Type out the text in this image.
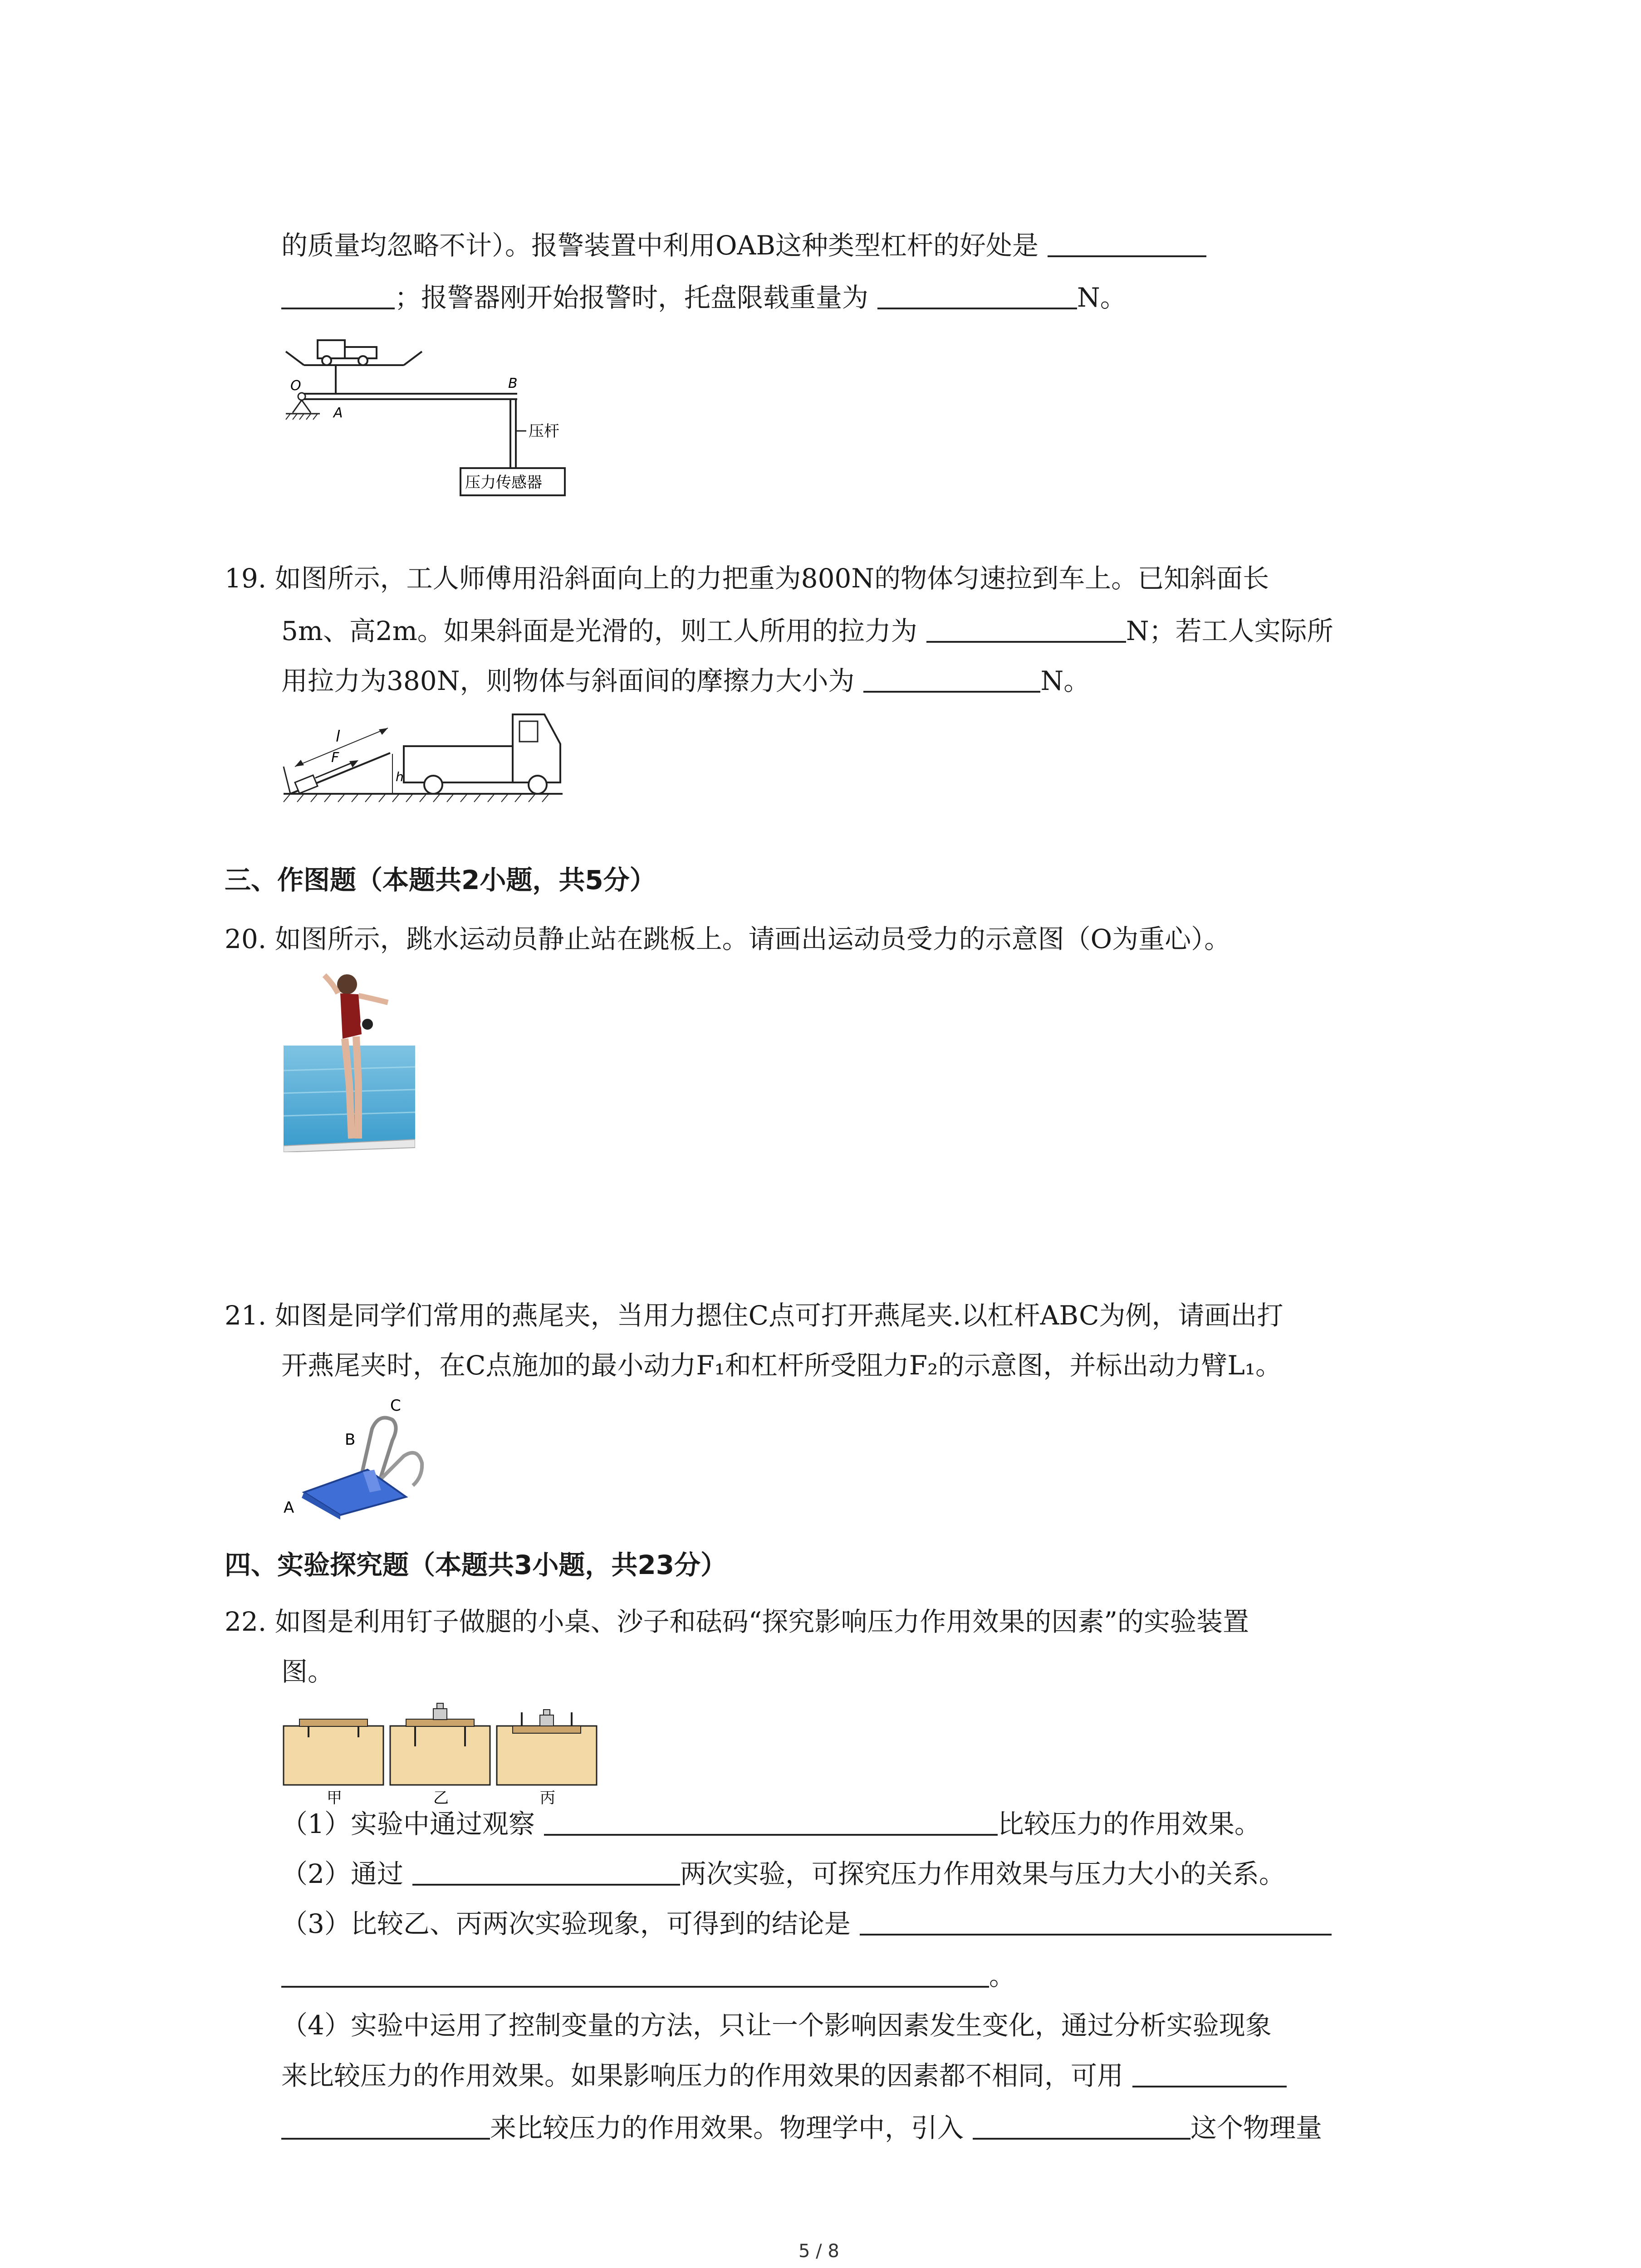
的质量均忽略不计）。报警装置中利用OAB这种类型杠杆的好处是
；报警器刚开始报警时，托盘限载重量为	N。
O
A
B
压杆
压力传感器
19. 如图所示，工人师傅用沿斜面向上的力把重为800N的物体匀速拉到车上。已知斜面长
5m、高2m。如果斜面是光滑的，则工人所用的拉力为	N；若工人实际所
用拉力为380N，则物体与斜面间的摩擦力大小为	N。
l
F
h
三、作图题（本题共2小题，共5分）
20. 如图所示，跳水运动员静止站在跳板上。请画出运动员受力的示意图（O为重心）。
21. 如图是同学们常用的燕尾夹，当用力摁住C点可打开燕尾夹.以杠杆ABC为例，请画出打
开燕尾夹时，在C点施加的最小动力F₁和杠杆所受阻力F₂的示意图，并标出动力臂L₁。
C
B
A
四、实验探究题（本题共3小题，共23分）
22. 如图是利用钉子做腿的小桌、沙子和砝码“探究影响压力作用效果的因素”的实验装置
图。
甲	乙	丙
（1）实验中通过观察	比较压力的作用效果。
（2）通过	两次实验，可探究压力作用效果与压力大小的关系。
（3）比较乙、丙两次实验现象，可得到的结论是
。
（4）实验中运用了控制变量的方法，只让一个影响因素发生变化，通过分析实验现象
来比较压力的作用效果。如果影响压力的作用效果的因素都不相同，可用
来比较压力的作用效果。物理学中，引入	这个物理量
5 / 8
